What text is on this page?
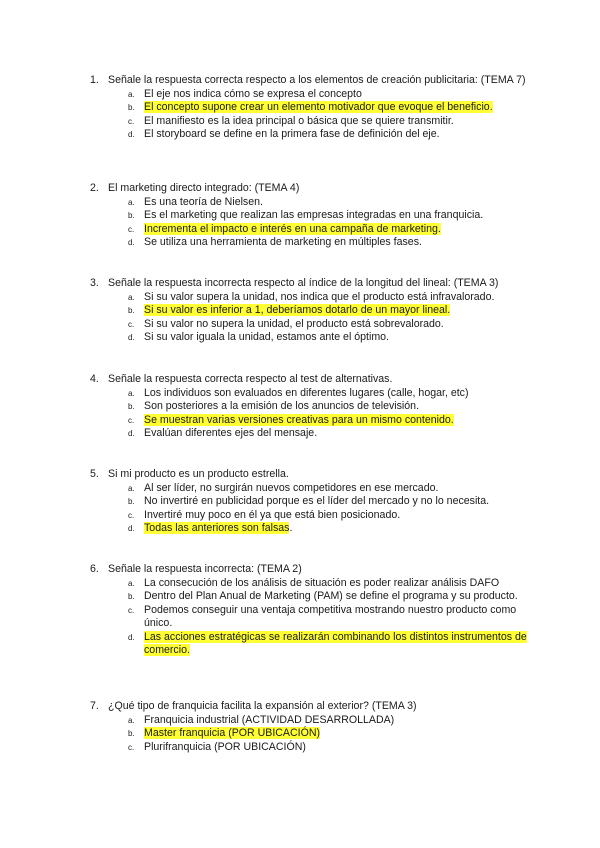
1. Señale la respuesta correcta respecto a los elementos de creación publicitaria: (TEMA 7)
a. El eje nos indica cómo se expresa el concepto
b. El concepto supone crear un elemento motivador que evoque el beneficio.
c. El manifiesto es la idea principal o básica que se quiere transmitir.
d. El storyboard se define en la primera fase de definición del eje.
2. El marketing directo integrado: (TEMA 4)
a. Es una teoría de Nielsen.
b. Es el marketing que realizan las empresas integradas en una franquicia.
c. Incrementa el impacto e interés en una campaña de marketing.
d. Se utiliza una herramienta de marketing en múltiples fases.
3. Señale la respuesta incorrecta respecto al índice de la longitud del lineal: (TEMA 3)
a. Si su valor supera la unidad, nos indica que el producto está infravalorado.
b. Si su valor es inferior a 1, deberíamos dotarlo de un mayor lineal.
c. Si su valor no supera la unidad, el producto está sobrevalorado.
d. Si su valor iguala la unidad, estamos ante el óptimo.
4. Señale la respuesta correcta respecto al test de alternativas.
a. Los individuos son evaluados en diferentes lugares (calle, hogar, etc)
b. Son posteriores a la emisión de los anuncios de televisión.
c. Se muestran varias versiones creativas para un mismo contenido.
d. Evalúan diferentes ejes del mensaje.
5. Si mi producto es un producto estrella.
a. Al ser líder, no surgirán nuevos competidores en ese mercado.
b. No invertiré en publicidad porque es el líder del mercado y no lo necesita.
c. Invertiré muy poco en él ya que está bien posicionado.
d. Todas las anteriores son falsas.
6. Señale la respuesta incorrecta: (TEMA 2)
a. La consecución de los análisis de situación es poder realizar análisis DAFO
b. Dentro del Plan Anual de Marketing (PAM) se define el programa y su producto.
c. Podemos conseguir una ventaja competitiva mostrando nuestro producto como único.
d. Las acciones estratégicas se realizarán combinando los distintos instrumentos de comercio.
7. ¿Qué tipo de franquicia facilita la expansión al exterior? (TEMA 3)
a. Franquicia industrial (ACTIVIDAD DESARROLLADA)
b. Master franquicia (POR UBICACIÓN)
c. Plurifranquicia (POR UBICACIÓN)
